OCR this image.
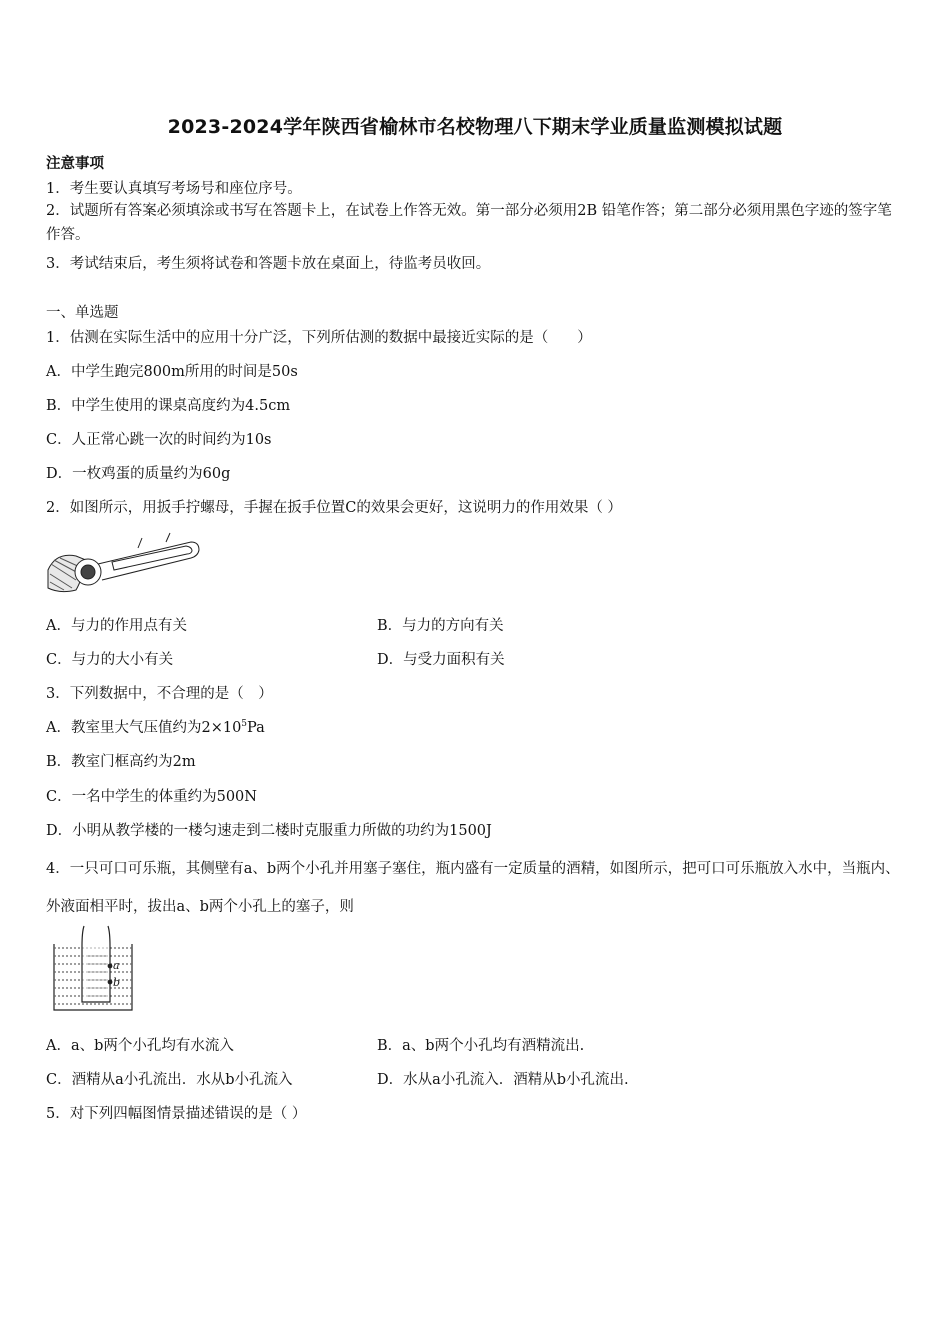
2023-2024学年陕西省榆林市名校物理八下期末学业质量监测模拟试题
注意事项
1．考生要认真填写考场号和座位序号。
2．试题所有答案必须填涂或书写在答题卡上，在试卷上作答无效。第一部分必须用2B 铅笔作答；第二部分必须用黑色字迹的签字笔作答。
3．考试结束后，考生须将试卷和答题卡放在桌面上，待监考员收回。
一、单选题
1．估测在实际生活中的应用十分广泛，下列所估测的数据中最接近实际的是（　　）
A．中学生跑完800m所用的时间是50s
B．中学生使用的课桌高度约为4.5cm
C．人正常心跳一次的时间约为10s
D．一枚鸡蛋的质量约为60g
2．如图所示，用扳手拧螺母，手握在扳手位置C的效果会更好，这说明力的作用效果（ ）
A．与力的作用点有关	B．与力的方向有关
C．与力的大小有关	D．与受力面积有关
3．下列数据中，不合理的是（　）
A．教室里大气压值约为$2\times 10^5Pa$
B．教室门框高约为2m
C．一名中学生的体重约为500N
D．小明从教学楼的一楼匀速走到二楼时克服重力所做的功约为1500J
4．一只可口可乐瓶，其侧壁有a、b两个小孔并用塞子塞住，瓶内盛有一定质量的酒精，如图所示，把可口可乐瓶放入水中，当瓶内、外液面相平时，拔出a、b两个小孔上的塞子，则
a
b
A．a、b两个小孔均有水流入	B．a、b两个小孔均有酒精流出.
C．酒精从a小孔流出．水从b小孔流入	D．水从a小孔流入．酒精从b小孔流出.
5．对下列四幅图情景描述错误的是（ ）
